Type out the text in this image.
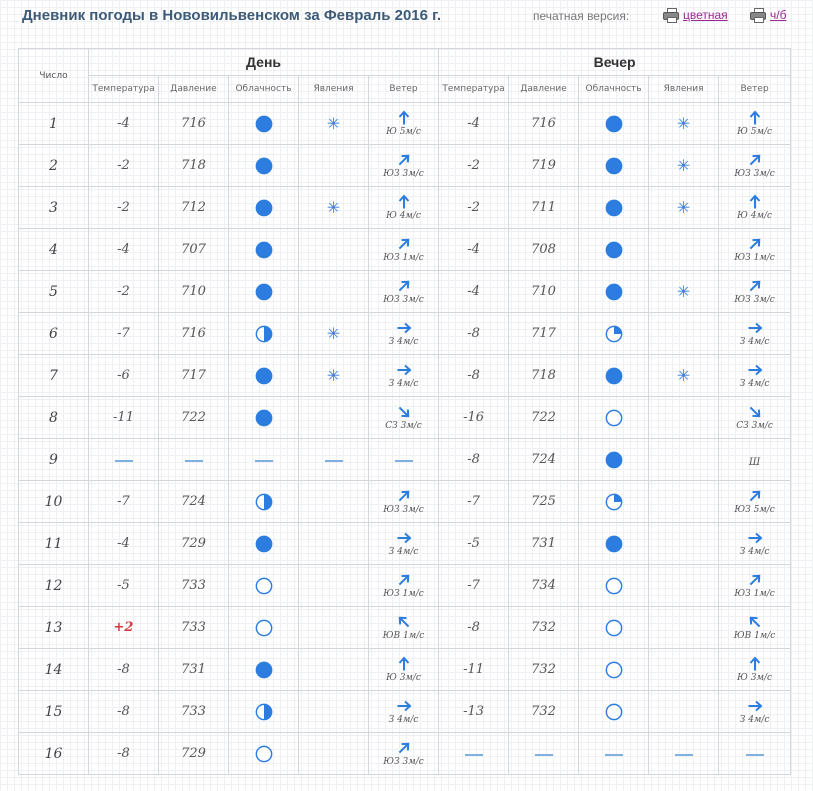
Дневник погоды в Нововильвенском за Февраль 2016 г.	печатная версия:	цветная	ч/б
Число	День					Вечер				
	Температура	Давление	Облачность	Явления	Ветер	Температура	Давление	Облачность	Явления	Ветер
1	-4	716		✳	Ю 5м/с	-4	716		✳	Ю 5м/с

2	-2	718			ЮЗ 3м/с	-2	719		✳	ЮЗ 3м/с

3	-2	712		✳	Ю 4м/с	-2	711		✳	Ю 4м/с

4	-4	707			ЮЗ 1м/с	-4	708			ЮЗ 1м/с

5	-2	710			ЮЗ 3м/с	-4	710		✳	ЮЗ 3м/с

6	-7	716		✳	З 4м/с	-8	717			З 4м/с

7	-6	717		✳	З 4м/с	-8	718		✳	З 4м/с

8	-11	722			СЗ 3м/с	-16	722			СЗ 3м/с

9						-8	724			Ш
10	-7	724			ЮЗ 3м/с	-7	725			ЮЗ 5м/с

11	-4	729			З 4м/с	-5	731			З 4м/с

12	-5	733			ЮЗ 1м/с	-7	734			ЮЗ 1м/с

13	+2	733			ЮВ 1м/с	-8	732			ЮВ 1м/с

14	-8	731			Ю 3м/с	-11	732			Ю 3м/с

15	-8	733			З 4м/с	-13	732			З 4м/с

16	-8	729			ЮЗ 3м/с					
